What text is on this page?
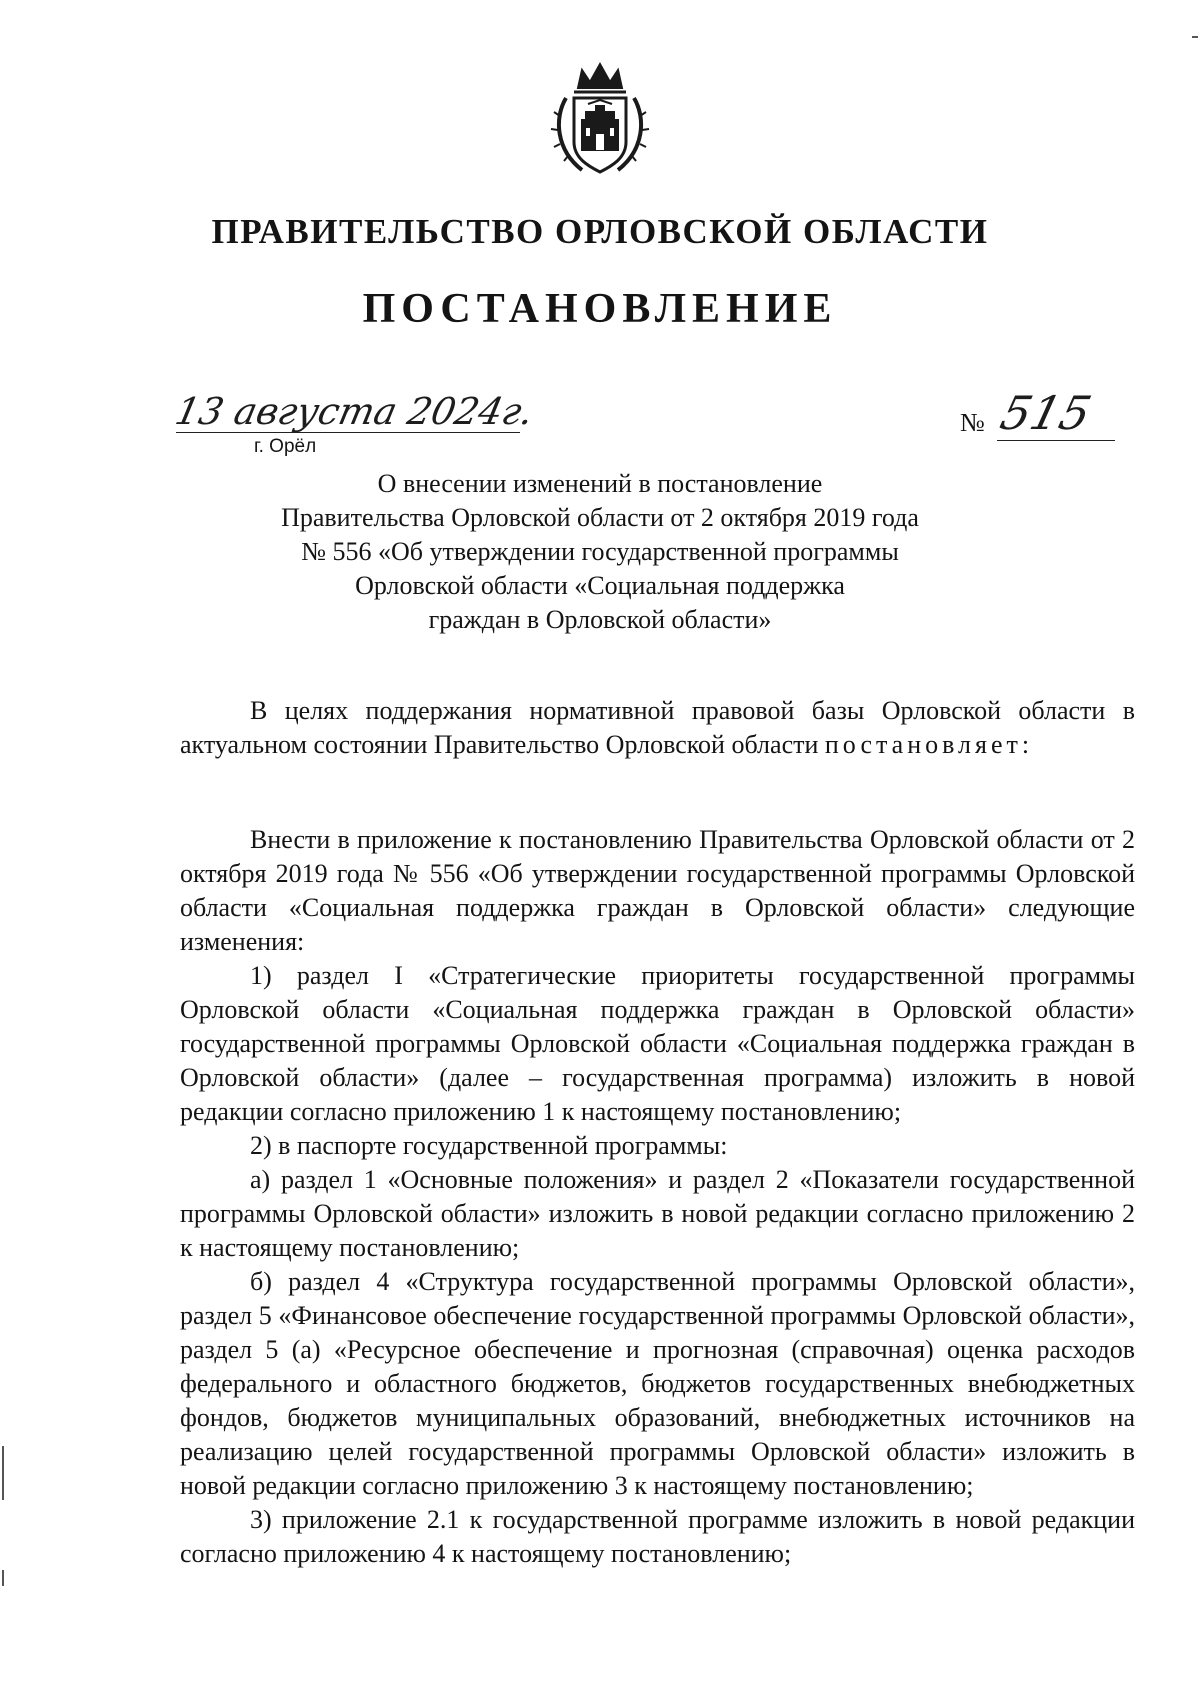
ПРАВИТЕЛЬСТВО ОРЛОВСКОЙ ОБЛАСТИ
ПОСТАНОВЛЕНИЕ
13 августа 2024г.
г. Орёл
№ 515
О внесении изменений в постановление
Правительства Орловской области от 2 октября 2019 года
№ 556 «Об утверждении государственной программы
Орловской области «Социальная поддержка
граждан в Орловской области»

В целях поддержания нормативной правовой базы Орловской области в актуальном состоянии Правительство Орловской области постановляет:

Внести в приложение к постановлению Правительства Орловской области от 2 октября 2019 года № 556 «Об утверждении государственной программы Орловской области «Социальная поддержка граждан в Орловской области» следующие изменения:

1) раздел I «Стратегические приоритеты государственной программы Орловской области «Социальная поддержка граждан в Орловской области» государственной программы Орловской области «Социальная поддержка граждан в Орловской области» (далее – государственная программа) изложить в новой редакции согласно приложению 1 к настоящему постановлению;

2) в паспорте государственной программы:

а) раздел 1 «Основные положения» и раздел 2 «Показатели государственной программы Орловской области» изложить в новой редакции согласно приложению 2 к настоящему постановлению;

б) раздел 4 «Структура государственной программы Орловской области», раздел 5 «Финансовое обеспечение государственной программы Орловской области», раздел 5 (а) «Ресурсное обеспечение и прогнозная (справочная) оценка расходов федерального и областного бюджетов, бюджетов государственных внебюджетных фондов, бюджетов муниципальных образований, внебюджетных источников на реализацию целей государственной программы Орловской области» изложить в новой редакции согласно приложению 3 к настоящему постановлению;

3) приложение 2.1 к государственной программе изложить в новой редакции согласно приложению 4 к настоящему постановлению;
